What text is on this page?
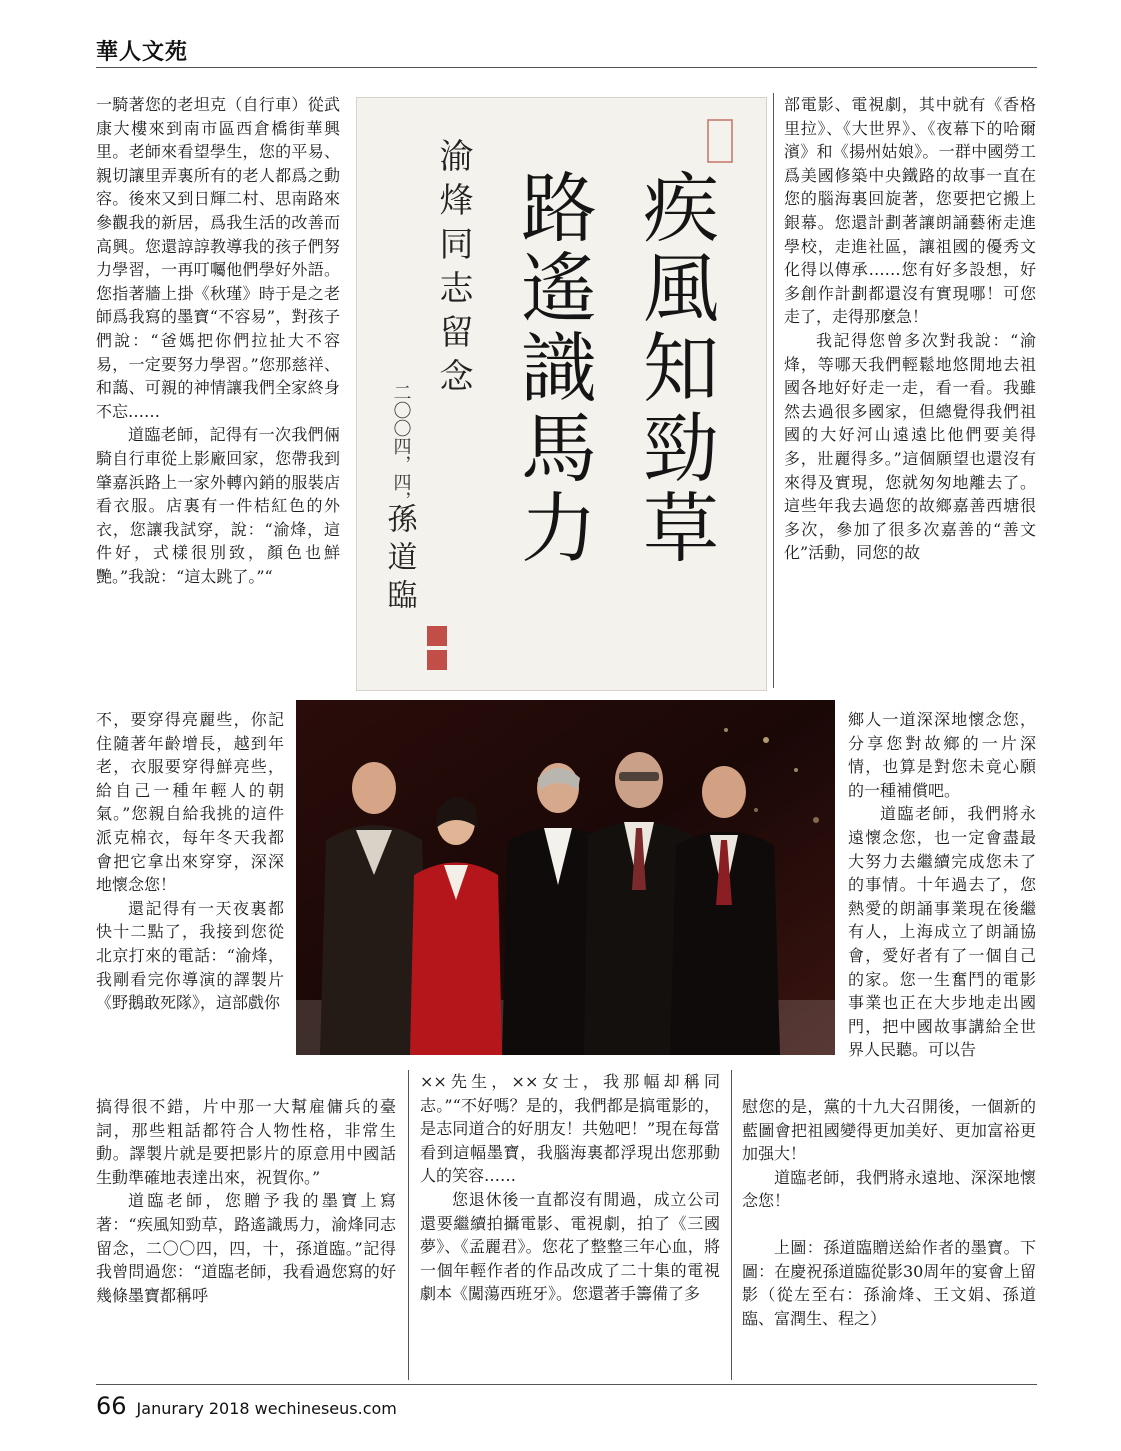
華人文苑

一騎著您的老坦克（自行車）從武康大樓來到南市區西倉橋街華興里。老師來看望學生，您的平易、親切讓里弄裏所有的老人都爲之動容。後來又到日輝二村、思南路來參觀我的新居，爲我生活的改善而高興。您還諄諄教導我的孩子們努力學習，一再叮囑他們學好外語。您指著牆上掛《秋瑾》時于是之老師爲我寫的墨寶“不容易”，對孩子們說：“爸媽把你們拉扯大不容易，一定要努力學習。”您那慈祥、和藹、可親的神情讓我們全家終身不忘……

道臨老師，記得有一次我們倆騎自行車從上影廠回家，您帶我到肇嘉浜路上一家外轉內銷的服裝店看衣服。店裏有一件桔紅色的外衣，您讓我試穿，說：“渝烽，這件好，式樣很別致，顏色也鮮艷。”我說：“這太跳了。”“

不，要穿得亮麗些，你記住隨著年齡增長，越到年老，衣服要穿得鮮亮些，給自己一種年輕人的朝氣。”您親自給我挑的這件派克棉衣，每年冬天我都會把它拿出來穿穿，深深地懷念您！

還記得有一天夜裏都快十二點了，我接到您從北京打來的電話：“渝烽，我剛看完你導演的譯製片《野鵝敢死隊》，這部戲你

搞得很不錯，片中那一大幫雇傭兵的臺詞，那些粗話都符合人物性格，非常生動。譯製片就是要把影片的原意用中國話生動準確地表達出來，祝賀你。”

道臨老師，您贈予我的墨寶上寫著：“疾風知勁草，路遙識馬力，渝烽同志留念，二〇〇四，四，十，孫道臨。”記得我曾問過您：“道臨老師，我看過您寫的好幾條墨寶都稱呼

疾風知勁草
路遙識馬力
渝烽同志留念
二〇〇四，四，十
孫道臨

××先生，××女士，我那幅却稱同志。”“不好嗎？是的，我們都是搞電影的，是志同道合的好朋友！共勉吧！”現在每當看到這幅墨寶，我腦海裏都浮現出您那動人的笑容……

您退休後一直都沒有閒過，成立公司還要繼續拍攝電影、電視劇，拍了《三國夢》、《孟麗君》。您花了整整三年心血，將一個年輕作者的作品改成了二十集的電視劇本《闖蕩西班牙》。您還著手籌備了多

部電影、電視劇，其中就有《香格里拉》、《大世界》、《夜幕下的哈爾濱》和《揚州姑娘》。一群中國勞工爲美國修築中央鐵路的故事一直在您的腦海裏回旋著，您要把它搬上銀幕。您還計劃著讓朗誦藝術走進學校，走進社區，讓祖國的優秀文化得以傳承……您有好多設想，好多創作計劃都還沒有實現哪！可您走了，走得那麼急！

我記得您曾多次對我說：“渝烽，等哪天我們輕鬆地悠閒地去祖國各地好好走一走，看一看。我雖然去過很多國家，但總覺得我們祖國的大好河山遠遠比他們要美得多，壯麗得多。”這個願望也還沒有來得及實現，您就匆匆地離去了。這些年我去過您的故鄉嘉善西塘很多次，參加了很多次嘉善的“善文化”活動，同您的故

鄉人一道深深地懷念您，分享您對故鄉的一片深情，也算是對您未竟心願的一種補償吧。

道臨老師，我們將永遠懷念您，也一定會盡最大努力去繼續完成您未了的事情。十年過去了，您熱愛的朗誦事業現在後繼有人，上海成立了朗誦協會，愛好者有了一個自己的家。您一生奮鬥的電影事業也正在大步地走出國門，把中國故事講給全世界人民聽。可以告

慰您的是，黨的十九大召開後，一個新的藍圖會把祖國變得更加美好、更加富裕更加强大！

道臨老師，我們將永遠地、深深地懷念您！

上圖：孫道臨贈送給作者的墨寶。下圖：在慶祝孫道臨從影30周年的宴會上留影（從左至右：孫渝烽、王文娟、孫道臨、富潤生、程之）

66 Janurary 2018 wechineseus.com
